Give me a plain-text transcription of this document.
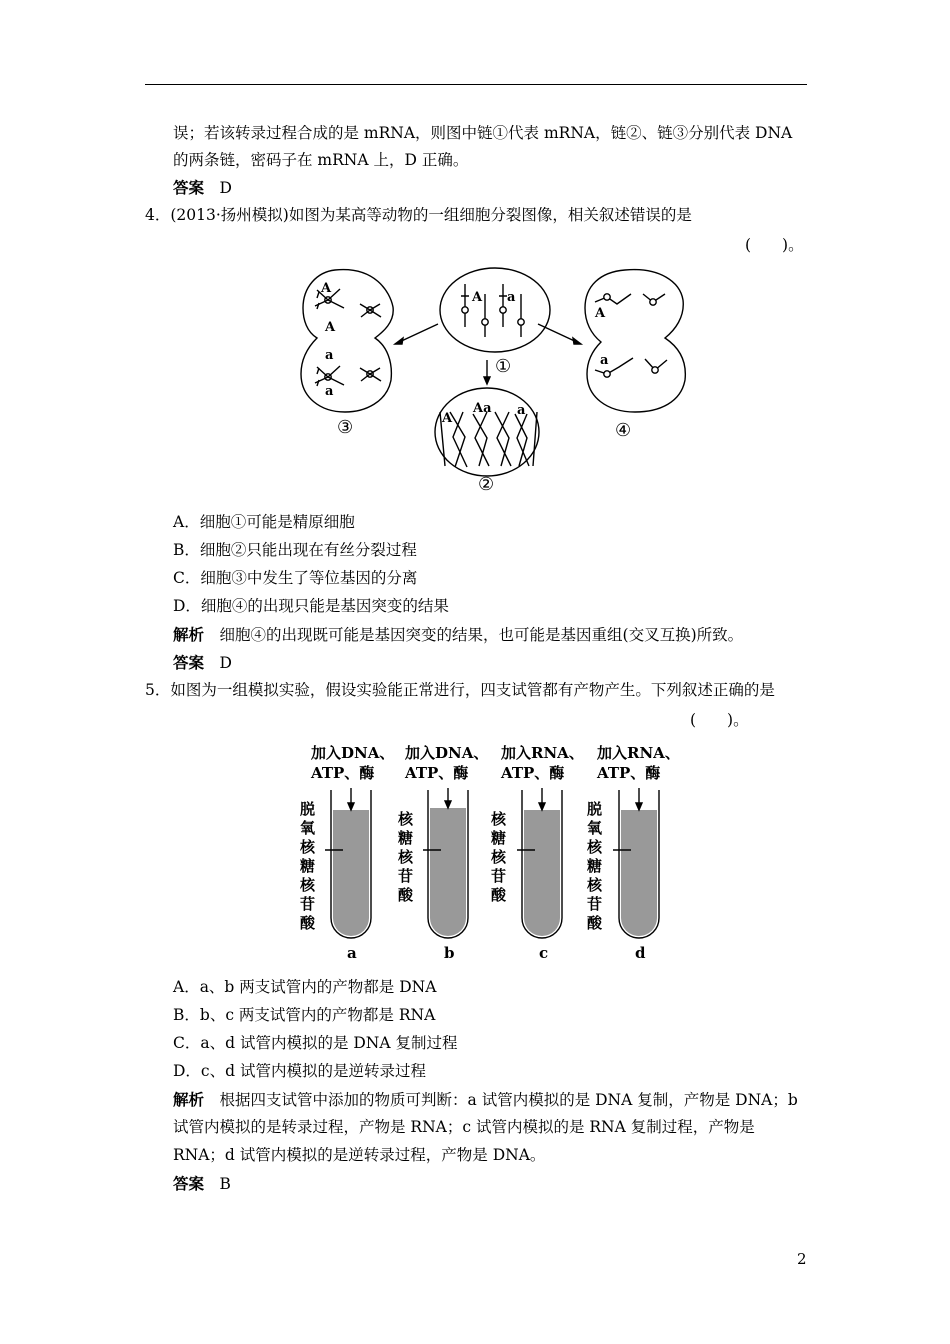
误；若该转录过程合成的是 mRNA，则图中链①代表 mRNA，链②、链③分别代表 DNA
的两条链，密码子在 mRNA 上，D 正确。
答案　 D
4．(2013·扬州模拟)如图为某高等动物的一组细胞分裂图像，相关叙述错误的是
(　　)。
A
A
a
a
A a
A
a
A
Aa a
①
②
③	④
A．细胞①可能是精原细胞
B．细胞②只能出现在有丝分裂过程
C．细胞③中发生了等位基因的分离
D．细胞④的出现只能是基因突变的结果
解析　 细胞④的出现既可能是基因突变的结果，也可能是基因重组(交叉互换)所致。
答案　 D
5．如图为一组模拟实验，假设实验能正常进行，四支试管都有产物产生。下列叙述正确的是
(　　)。
加入DNA、
ATP、酶
加入DNA、
ATP、酶
加入RNA、
ATP、酶
加入RNA、
ATP、酶
a	b	c	d
脱氧核糖核苷酸
核糖核苷酸
核糖核苷酸
脱氧核糖核苷酸
A．a、b 两支试管内的产物都是 DNA
B．b、c 两支试管内的产物都是 RNA
C．a、d 试管内模拟的是 DNA 复制过程
D．c、d 试管内模拟的是逆转录过程
解析　 根据四支试管中添加的物质可判断：a 试管内模拟的是 DNA 复制，产物是 DNA；b
试管内模拟的是转录过程，产物是 RNA；c 试管内模拟的是 RNA 复制过程，产物是
RNA；d 试管内模拟的是逆转录过程，产物是 DNA。
答案　 B
2
